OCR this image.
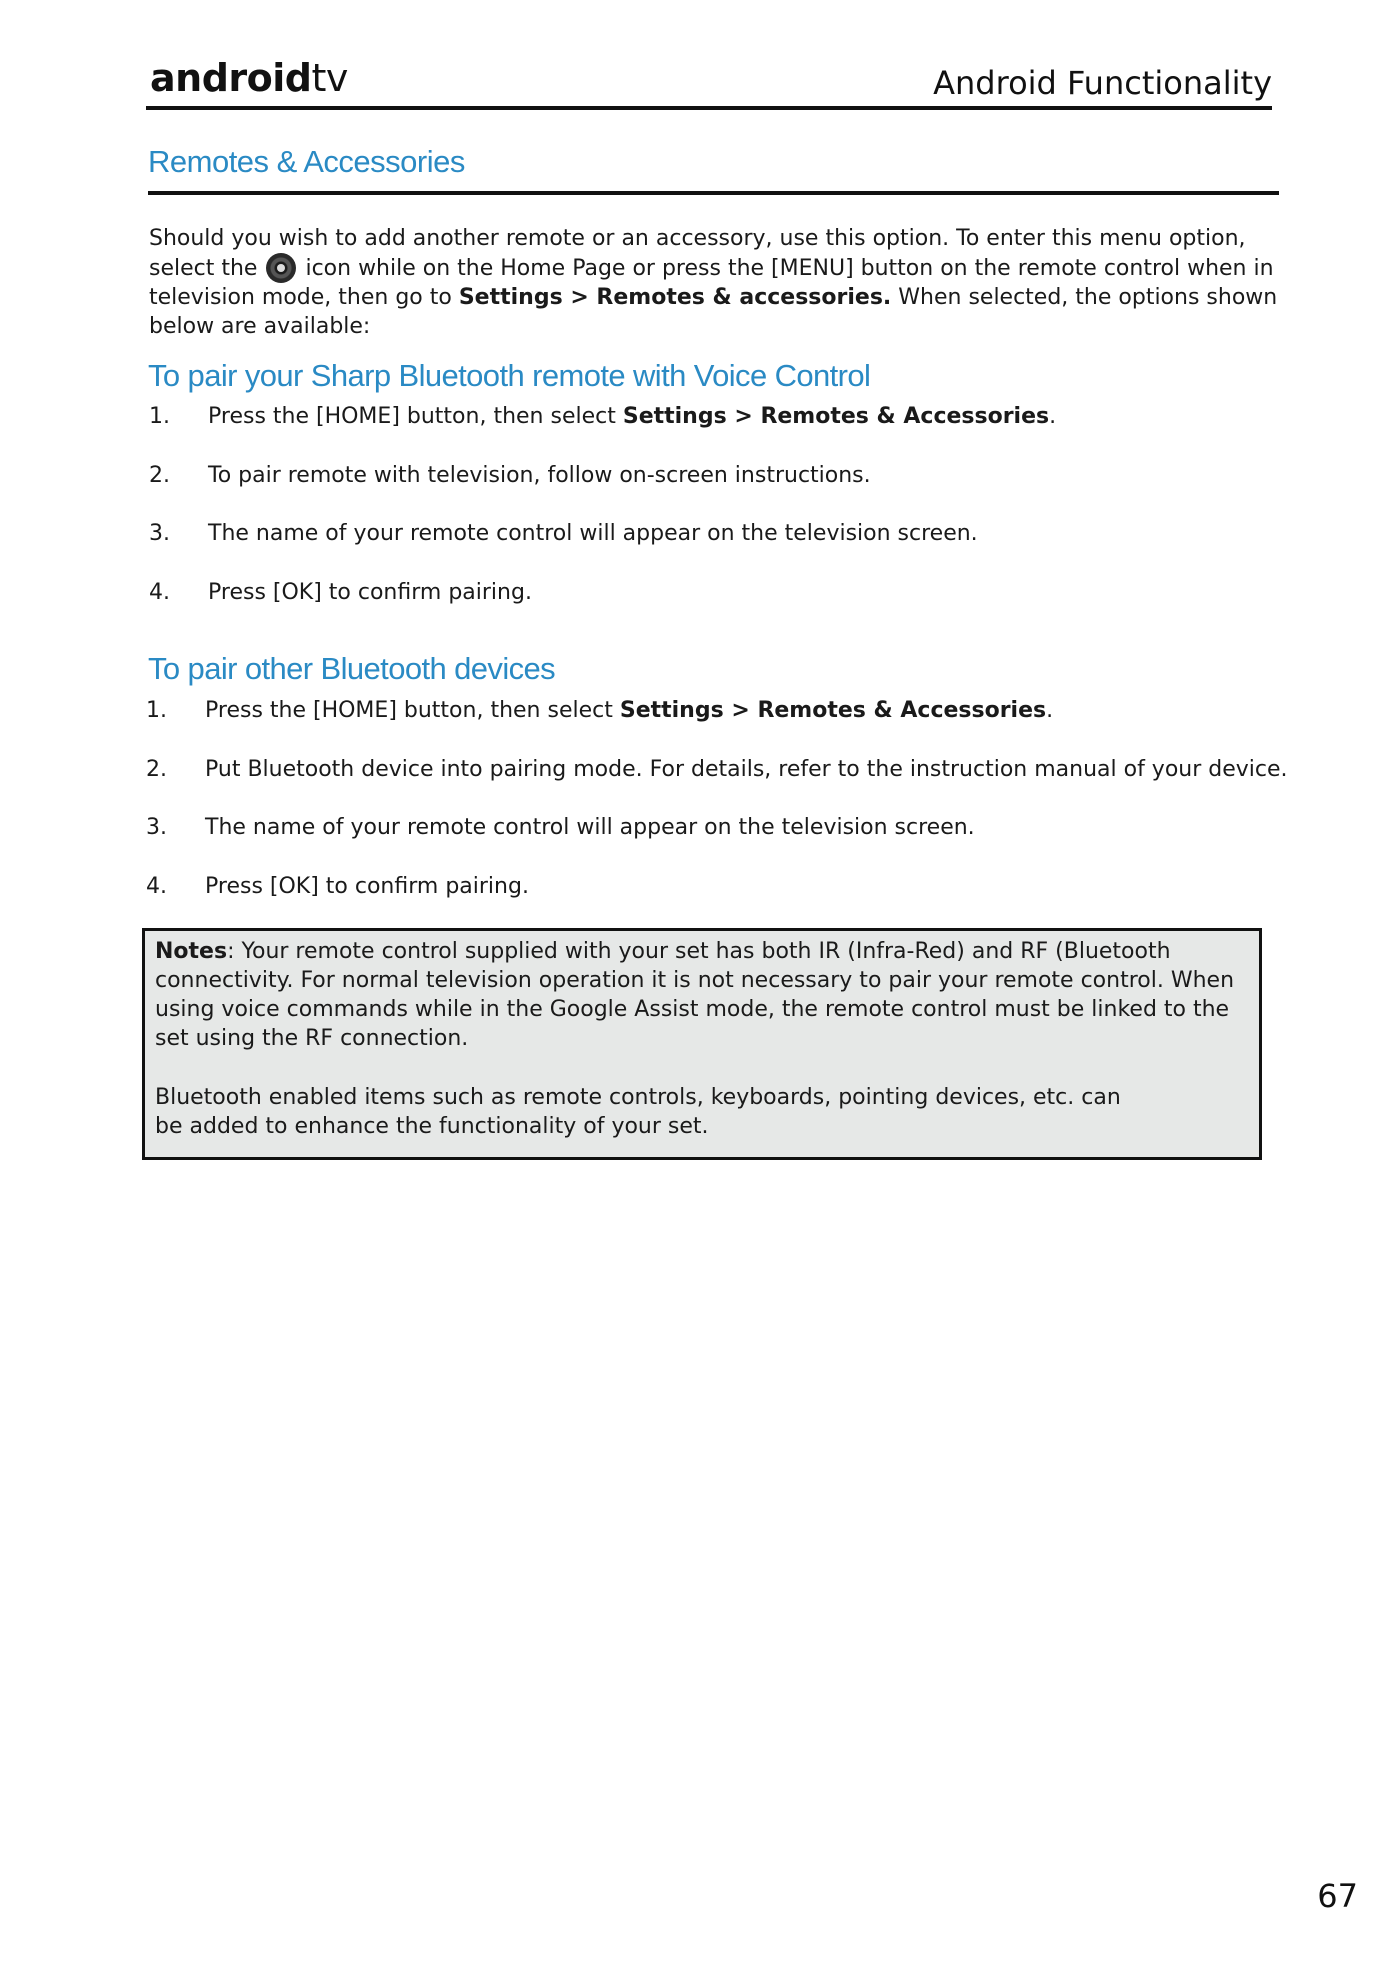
androidtv	Android Functionality
Remotes & Accessories

Should you wish to add another remote or an accessory, use this option. To enter this menu option, select the  icon while on the Home Page or press the [MENU] button on the remote control when in television mode, then go to Settings > Remotes & accessories. When selected, the options shown below are available:

To pair your Sharp Bluetooth remote with Voice Control
1.	Press the [HOME] button, then select Settings > Remotes & Accessories.
2.	To pair remote with television, follow on-screen instructions.
3.	The name of your remote control will appear on the television screen.
4.	Press [OK] to confirm pairing.
To pair other Bluetooth devices
1.	Press the [HOME] button, then select Settings > Remotes & Accessories.
2.	Put Bluetooth device into pairing mode. For details, refer to the instruction manual of your device.
3.	The name of your remote control will appear on the television screen.
4.	Press [OK] to confirm pairing.

Notes: Your remote control supplied with your set has both IR (Infra-Red) and RF (Bluetooth connectivity. For normal television operation it is not necessary to pair your remote control. When using voice commands while in the Google Assist mode, the remote control must be linked to the set using the RF connection.

Bluetooth enabled items such as remote controls, keyboards, pointing devices, etc. can be added to enhance the functionality of your set.

67
